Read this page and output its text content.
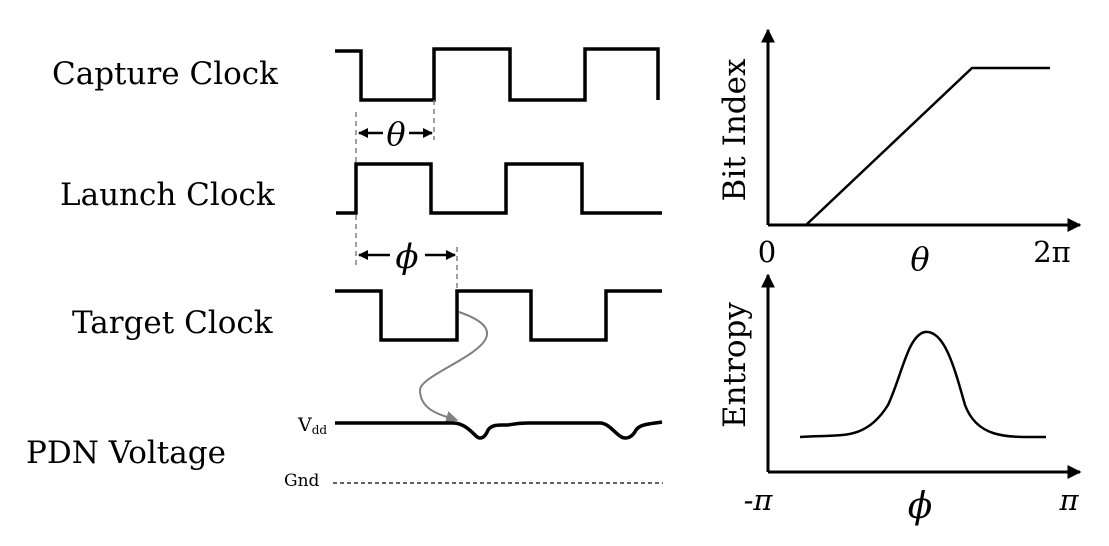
Capture Clock
Launch Clock
Target Clock
PDN Voltage
θ
ϕ
Vdd
Gnd
Bit Index
0	θ	2π
Entropy
-π	ϕ	π
